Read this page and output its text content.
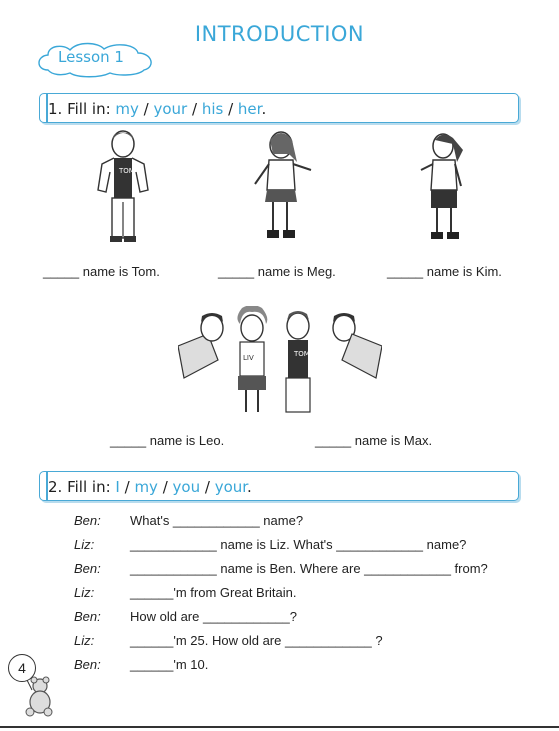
INTRODUCTION
Lesson 1
1. Fill in: my / your / his / her.
TOM
_____ name is Tom.	_____ name is Meg.	_____ name is Kim.
LIV	TOM
_____ name is Leo.	_____ name is Max.
2. Fill in: I / my / you / your.
Ben: What's ____________ name?
Liz:	____________ name is Liz. What's ____________ name?
Ben: ____________ name is Ben. Where are ____________ from?
Liz:	______'m from Great Britain.
Ben: How old are ____________?
Liz:	______'m 25. How old are ____________ ?
Ben: ______'m 10.
4
